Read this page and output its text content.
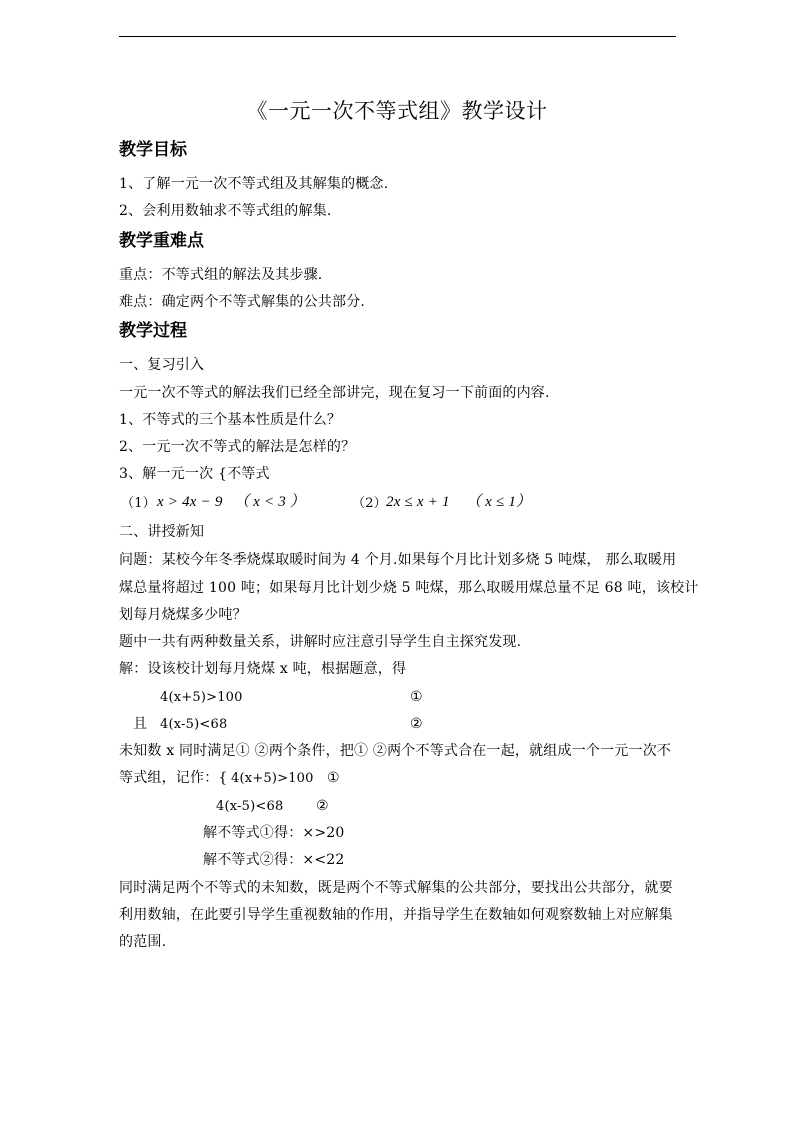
《一元一次不等式组》教学设计
教学目标
1、了解一元一次不等式组及其解集的概念.
2、会利用数轴求不等式组的解集.
教学重难点
重点：不等式组的解法及其步骤.
难点：确定两个不等式解集的公共部分.
教学过程
一、复习引入
一元一次不等式的解法我们已经全部讲完，现在复习一下前面的内容.
1、不等式的三个基本性质是什么？
2、一元一次不等式的解法是怎样的？
3、解一元一次 {不等式
（1） x > 4x − 9 （ x < 3 ）	（2） 2x ≤ x + 1 （ x ≤ 1）
二、讲授新知
问题：某校今年冬季烧煤取暖时间为 4 个月.如果每个月比计划多烧 5 吨煤， 那么取暖用
煤总量将超过 100 吨；如果每月比计划少烧 5 吨煤，那么取暖用煤总量不足 68 吨，该校计
划每月烧煤多少吨？
题中一共有两种数量关系，讲解时应注意引导学生自主探究发现.
解：设该校计划每月烧煤 x 吨，根据题意，得
4(x+5)>100	①
且 4(x-5)<68	②
未知数 x 同时满足① ②两个条件，把① ②两个不等式合在一起，就组成一个一元一次不
等式组，记作：{ 4(x+5)>100 ①
4(x-5)<68 ②
解不等式①得：×>20
解不等式②得：×<22
同时满足两个不等式的未知数，既是两个不等式解集的公共部分，要找出公共部分，就要
利用数轴，在此要引导学生重视数轴的作用，并指导学生在数轴如何观察数轴上对应解集
的范围.
